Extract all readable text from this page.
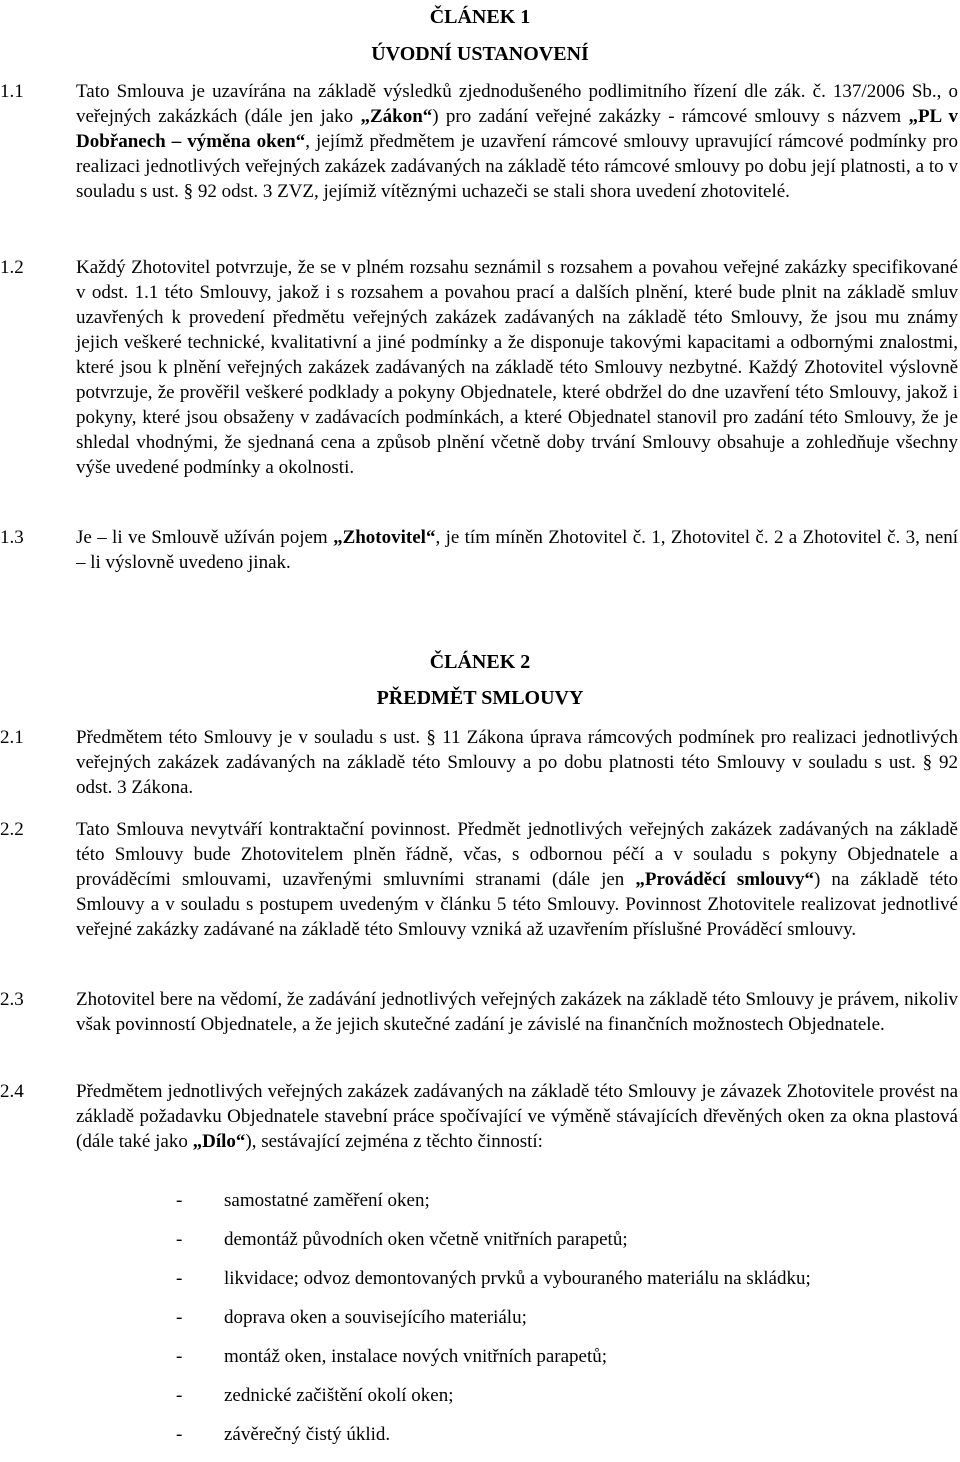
ČLÁNEK 1
ÚVODNÍ USTANOVENÍ
1.1	Tato Smlouva je uzavírána na základě výsledků zjednodušeného podlimitního řízení dle zák. č. 137/2006 Sb., o veřejných zakázkách (dále jen jako „Zákon“) pro zadání veřejné zakázky - rámcové smlouvy s názvem „PL v Dobřanech – výměna oken“, jejímž předmětem je uzavření rámcové smlouvy upravující rámcové podmínky pro realizaci jednotlivých veřejných zakázek zadávaných na základě této rámcové smlouvy po dobu její platnosti, a to v souladu s ust. § 92 odst. 3 ZVZ, jejímiž vítěznými uchazeči se stali shora uvedení zhotovitelé.
1.2	Každý Zhotovitel potvrzuje, že se v plném rozsahu seznámil s rozsahem a povahou veřejné zakázky specifikované v odst. 1.1 této Smlouvy, jakož i s rozsahem a povahou prací a dalších plnění, které bude plnit na základě smluv uzavřených k provedení předmětu veřejných zakázek zadávaných na základě této Smlouvy, že jsou mu známy jejich veškeré technické, kvalitativní a jiné podmínky a že disponuje takovými kapacitami a odbornými znalostmi, které jsou k plnění veřejných zakázek zadávaných na základě této Smlouvy nezbytné. Každý Zhotovitel výslovně potvrzuje, že prověřil veškeré podklady a pokyny Objednatele, které obdržel do dne uzavření této Smlouvy, jakož i pokyny, které jsou obsaženy v zadávacích podmínkách, a které Objednatel stanovil pro zadání této Smlouvy, že je shledal vhodnými, že sjednaná cena a způsob plnění včetně doby trvání Smlouvy obsahuje a zohledňuje všechny výše uvedené podmínky a okolnosti.
1.3	Je – li ve Smlouvě užíván pojem „Zhotovitel“, je tím míněn Zhotovitel č. 1, Zhotovitel č. 2 a Zhotovitel č. 3, není – li výslovně uvedeno jinak.
ČLÁNEK 2
PŘEDMĚT SMLOUVY
2.1	Předmětem této Smlouvy je v souladu s ust. § 11 Zákona úprava rámcových podmínek pro realizaci jednotlivých veřejných zakázek zadávaných na základě této Smlouvy a po dobu platnosti této Smlouvy v souladu s ust. § 92 odst. 3 Zákona.
2.2	Tato Smlouva nevytváří kontraktační povinnost. Předmět jednotlivých veřejných zakázek zadávaných na základě této Smlouvy bude Zhotovitelem plněn řádně, včas, s odbornou péčí a v souladu s pokyny Objednatele a prováděcími smlouvami, uzavřenými smluvními stranami (dále jen „Prováděcí smlouvy“) na základě této Smlouvy a v souladu s postupem uvedeným v článku 5 této Smlouvy. Povinnost Zhotovitele realizovat jednotlivé veřejné zakázky zadávané na základě této Smlouvy vzniká až uzavřením příslušné Prováděcí smlouvy.
2.3	Zhotovitel bere na vědomí, že zadávání jednotlivých veřejných zakázek na základě této Smlouvy je právem, nikoliv však povinností Objednatele, a že jejich skutečné zadání je závislé na finančních možnostech Objednatele.
2.4	Předmětem jednotlivých veřejných zakázek zadávaných na základě této Smlouvy je závazek Zhotovitele provést na základě požadavku Objednatele stavební práce spočívající ve výměně stávajících dřevěných oken za okna plastová (dále také jako „Dílo“), sestávající zejména z těchto činností:
- samostatné zaměření oken;
- demontáž původních oken včetně vnitřních parapetů;
- likvidace; odvoz demontovaných prvků a vybouraného materiálu na skládku;
- doprava oken a souvisejícího materiálu;
- montáž oken, instalace nových vnitřních parapetů;
- zednické začištění okolí oken;
- závěrečný čistý úklid.
